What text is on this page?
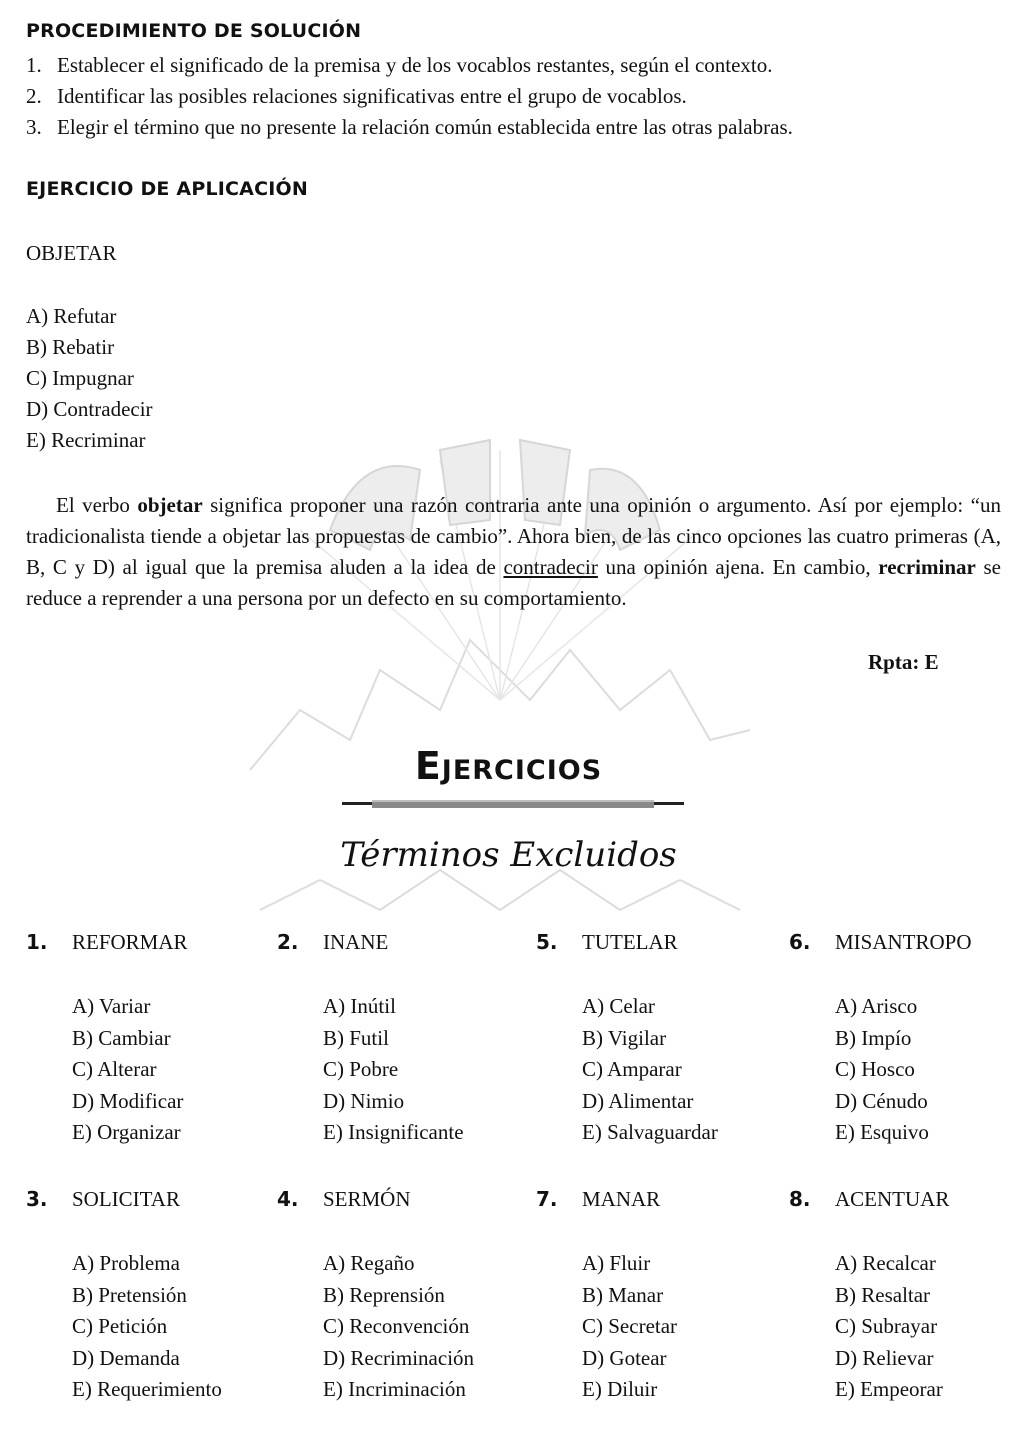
PROCEDIMIENTO DE SOLUCIÓN
1. Establecer el significado de la premisa y de los vocablos restantes, según el contexto.
2. Identificar las posibles relaciones significativas entre el grupo de vocablos.
3. Elegir el término que no presente la relación común establecida entre las otras palabras.
EJERCICIO DE APLICACIÓN
OBJETAR
A) Refutar
B) Rebatir
C) Impugnar
D) Contradecir
E) Recriminar

El verbo objetar significa proponer una razón contraria ante una opinión o argumento. Así por ejemplo: “un tradicionalista tiende a objetar las propuestas de cambio”. Ahora bien, de las cinco opciones las cuatro primeras (A, B, C y D) al igual que la premisa aluden a la idea de contradecir una opinión ajena. En cambio, recriminar se reduce a reprender a una persona por un defecto en su comportamiento.

Rpta: E
Ejercicios
Términos Excluidos
1. REFORMAR
A) Variar
B) Cambiar
C) Alterar
D) Modificar
E) Organizar
2. INANE
A) Inútil
B) Futil
C) Pobre
D) Nimio
E) Insignificante
5. TUTELAR
A) Celar
B) Vigilar
C) Amparar
D) Alimentar
E) Salvaguardar
6. MISANTROPO
A) Arisco
B) Impío
C) Hosco
D) Cénudo
E) Esquivo
3. SOLICITAR
A) Problema
B) Pretensión
C) Petición
D) Demanda
E) Requerimiento
4. SERMÓN
A) Regaño
B) Reprensión
C) Reconvención
D) Recriminación
E) Incriminación
7. MANAR
A) Fluir
B) Manar
C) Secretar
D) Gotear
E) Diluir
8. ACENTUAR
A) Recalcar
B) Resaltar
C) Subrayar
D) Relievar
E) Empeorar
